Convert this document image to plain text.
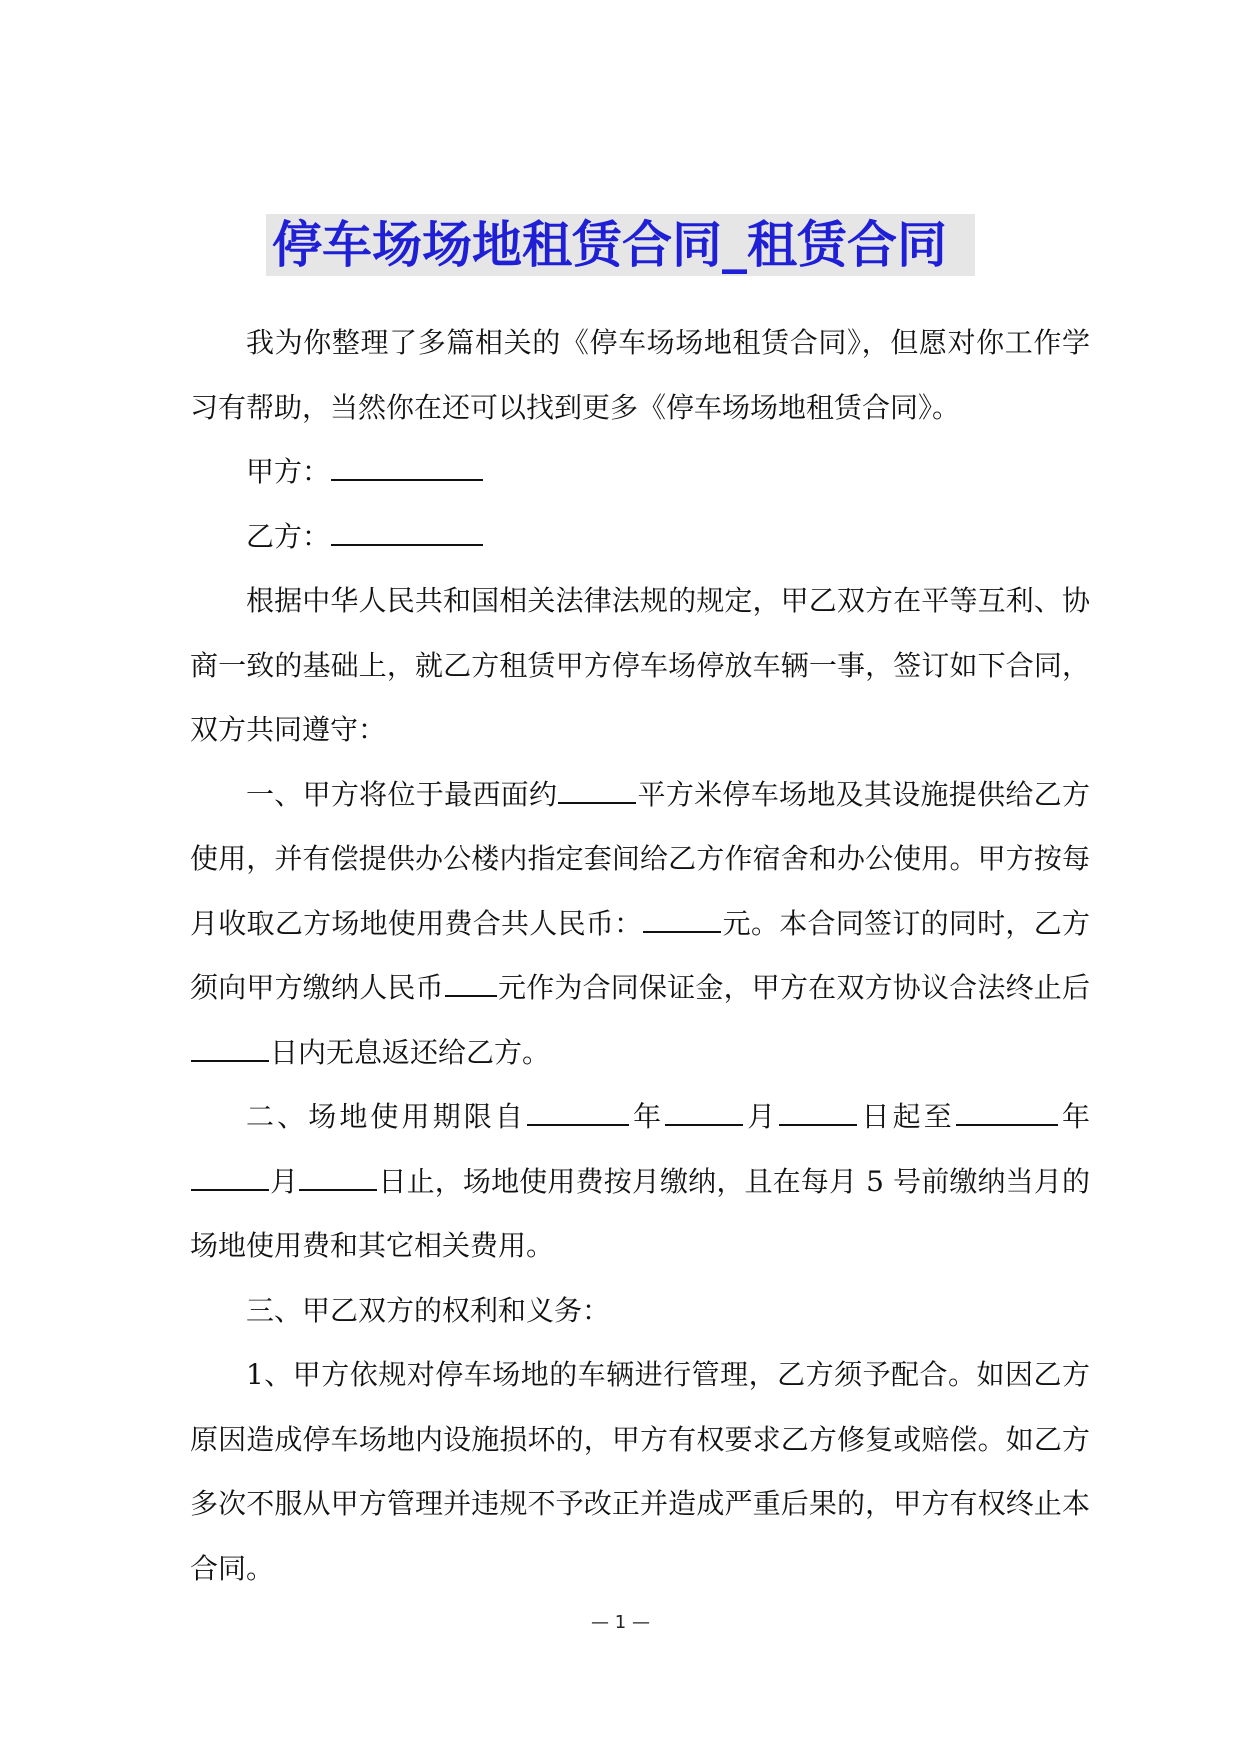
停车场场地租赁合同_租赁合同

我为你整理了多篇相关的《停车场场地租赁合同》，但愿对你工作学习有帮助，当然你在还可以找到更多《停车场场地租赁合同》。

甲方：

乙方：

根据中华人民共和国相关法律法规的规定，甲乙双方在平等互利、协商一致的基础上，就乙方租赁甲方停车场停放车辆一事，签订如下合同，双方共同遵守：

一、甲方将位于最西面约	平方米停车场地及其设施提供给乙方使用，并有偿提供办公楼内指定套间给乙方作宿舍和办公使用。甲方按每月收取乙方场地使用费合共人民币：	元。本合同签订的同时，乙方须向甲方缴纳人民币 元作为合同保证金，甲方在双方协议合法终止后日内无息返还给乙方。

二、场地使用期限自	年	月	日起至	年月	日止，场地使用费按月缴纳，且在每月 5 号前缴纳当月的场地使用费和其它相关费用。

三、甲乙双方的权利和义务：

1、甲方依规对停车场地的车辆进行管理，乙方须予配合。如因乙方原因造成停车场地内设施损坏的，甲方有权要求乙方修复或赔偿。如乙方多次不服从甲方管理并违规不予改正并造成严重后果的，甲方有权终止本合同。

— 1 —
